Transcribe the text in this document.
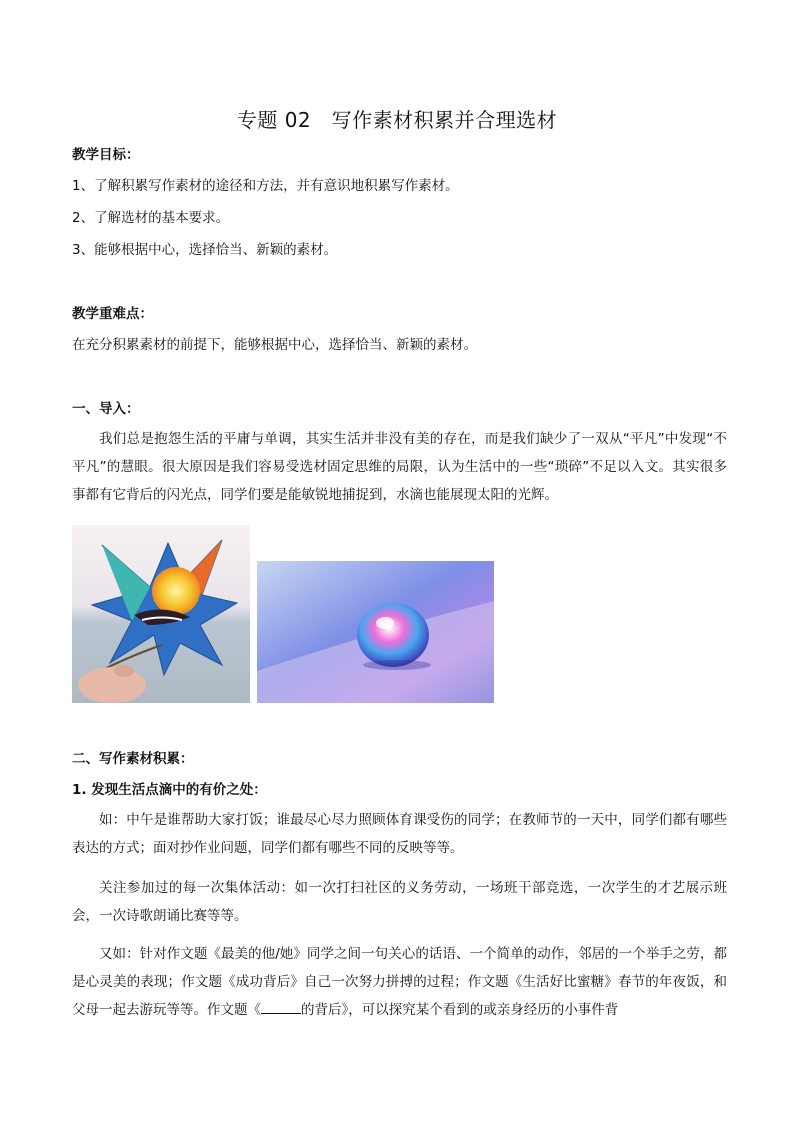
专题 02　写作素材积累并合理选材
教学目标：
1、了解积累写作素材的途径和方法，并有意识地积累写作素材。
2、了解选材的基本要求。
3、能够根据中心，选择恰当、新颖的素材。
教学重难点：
在充分积累素材的前提下，能够根据中心，选择恰当、新颖的素材。
一、导入：
我们总是抱怨生活的平庸与单调，其实生活并非没有美的存在，而是我们缺少了一双从“平凡”中发现“不平凡”的慧眼。很大原因是我们容易受选材固定思维的局限，认为生活中的一些“琐碎”不足以入文。其实很多事都有它背后的闪光点，同学们要是能敏锐地捕捉到，水滴也能展现太阳的光辉。
二、写作素材积累：
1. 发现生活点滴中的有价之处：
如：中午是谁帮助大家打饭；谁最尽心尽力照顾体育课受伤的同学；在教师节的一天中，同学们都有哪些表达的方式；面对抄作业问题，同学们都有哪些不同的反映等等。
关注参加过的每一次集体活动：如一次打扫社区的义务劳动，一场班干部竞选，一次学生的才艺展示班会，一次诗歌朗诵比赛等等。
又如：针对作文题《最美的他/她》同学之间一句关心的话语、一个简单的动作，邻居的一个举手之劳，都是心灵美的表现；作文题《成功背后》自己一次努力拼搏的过程；作文题《生活好比蜜糖》春节的年夜饭，和父母一起去游玩等等。作文题《	的背后》，可以探究某个看到的或亲身经历的小事件背
